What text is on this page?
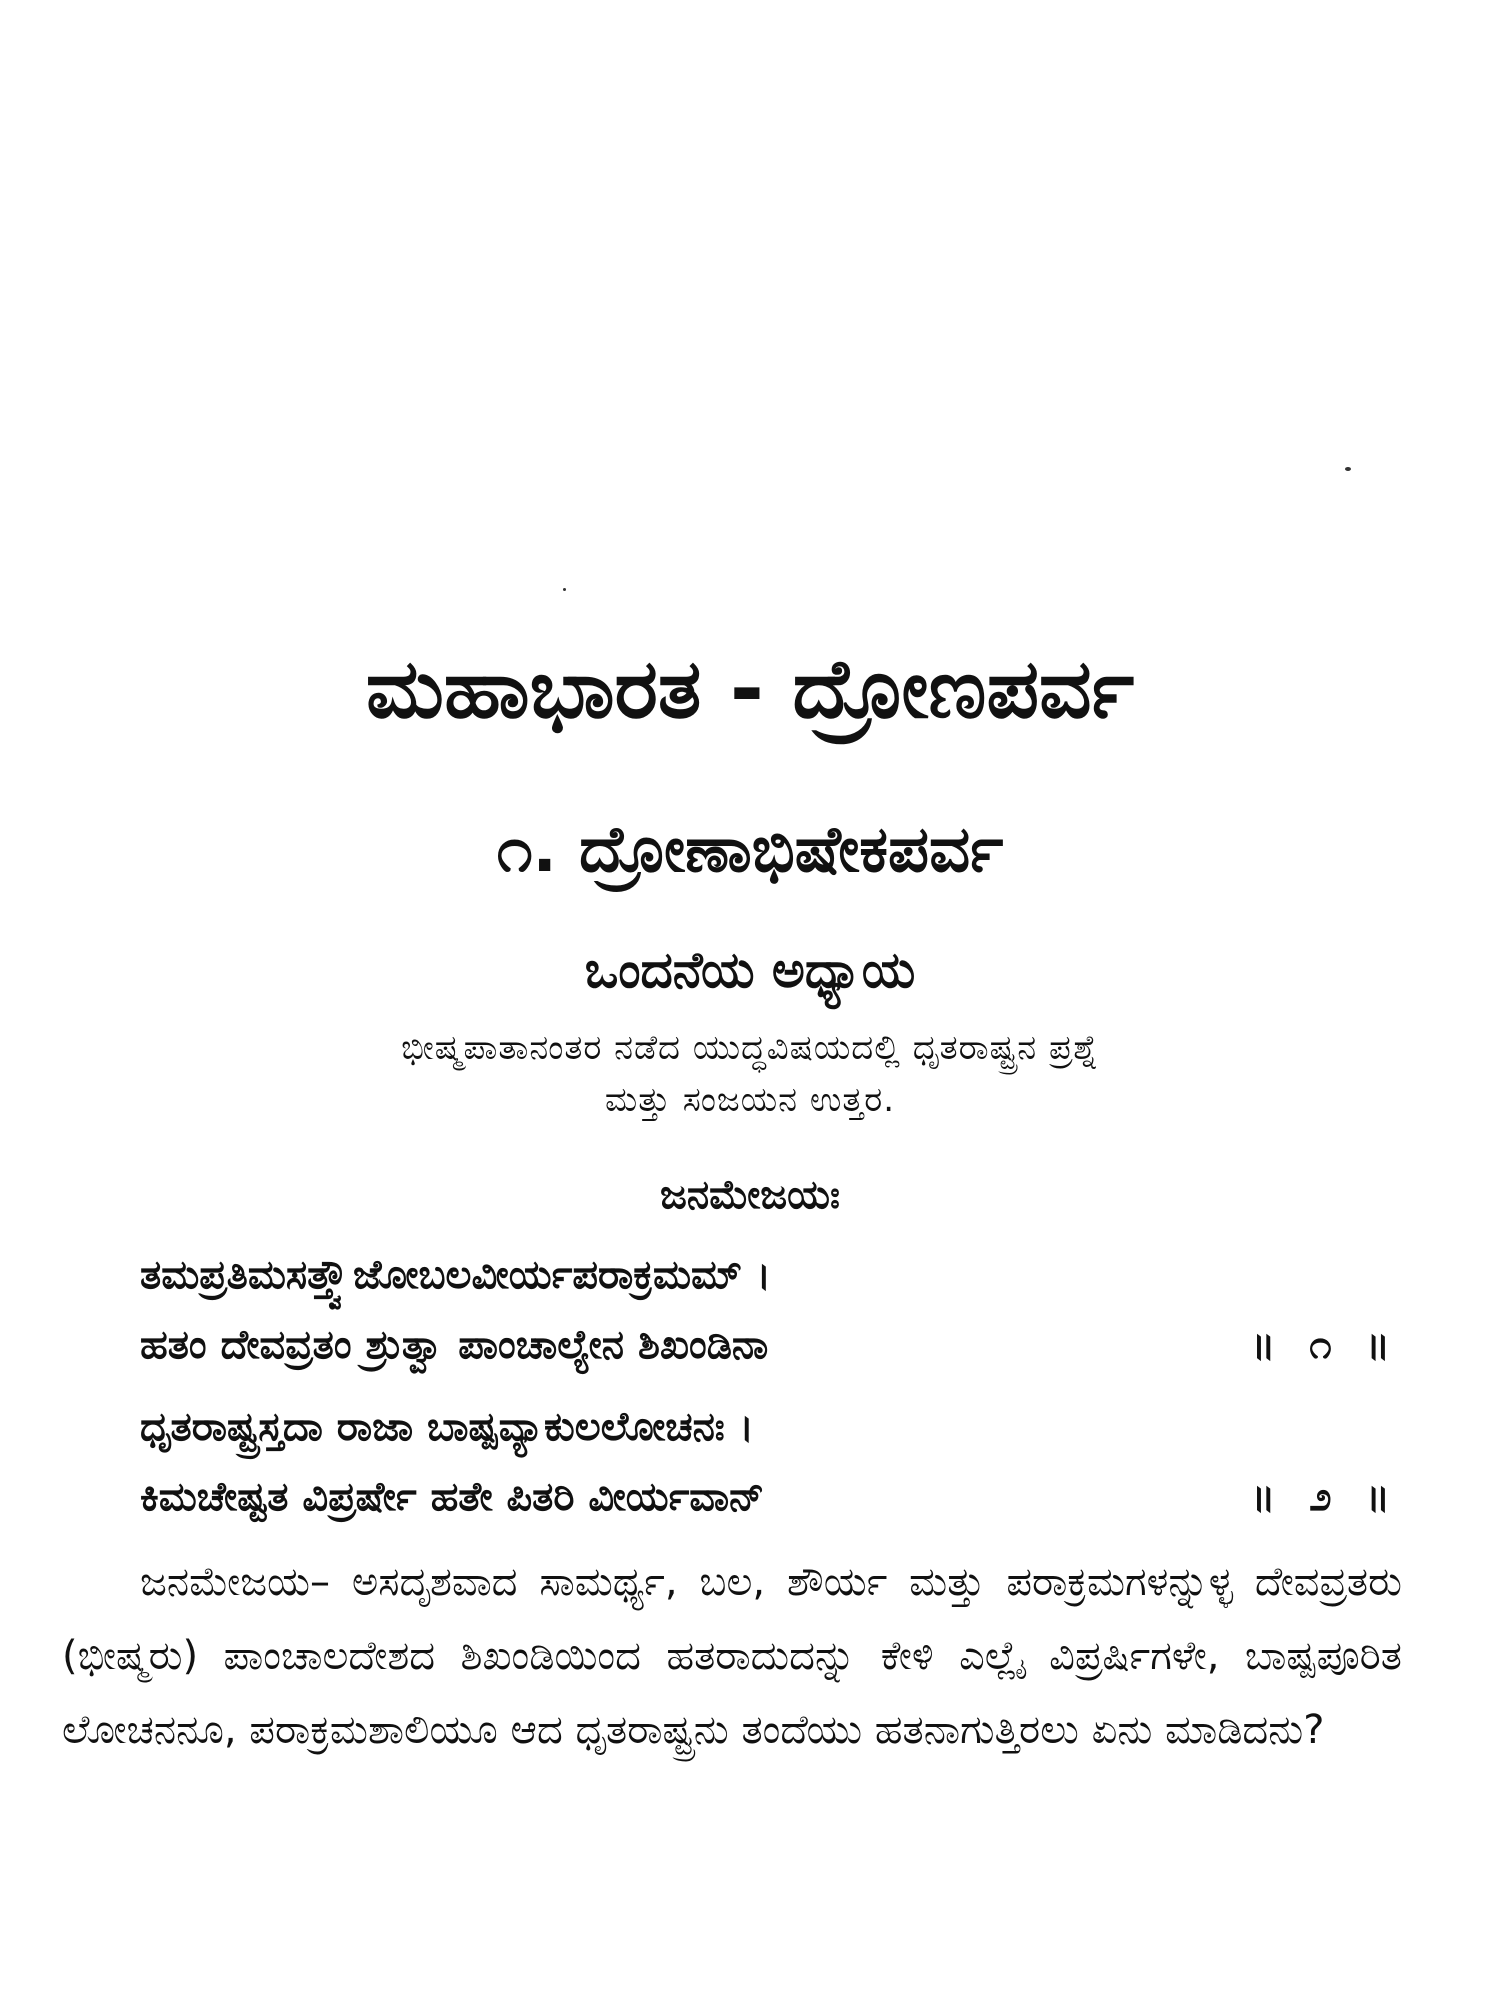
ಮಹಾಭಾರತ - ದ್ರೋಣಪರ್ವ
೧. ದ್ರೋಣಾಭಿಷೇಕಪರ್ವ
ಒಂದನೆಯ ಅಧ್ಯಾಯ
ಭೀಷ್ಮಪಾತಾನಂತರ ನಡೆದ ಯುದ್ಧವಿಷಯದಲ್ಲಿ ಧೃತರಾಷ್ಟ್ರನ ಪ್ರಶ್ನೆ
ಮತ್ತು ಸಂಜಯನ ಉತ್ತರ.
ಜನಮೇಜಯಃ
ತಮಪ್ರತಿಮಸತ್ತ್ವೌಜೋಬಲವೀರ್ಯಪರಾಕ್ರಮಮ್ ।
ಹತಂ ದೇವವ್ರತಂ ಶ್ರುತ್ವಾ ಪಾಂಚಾಲ್ಯೇನ ಶಿಖಂಡಿನಾ	॥ ೧ ॥
ಧೃತರಾಷ್ಟ್ರಸ್ತದಾ ರಾಜಾ ಬಾಷ್ಪವ್ಯಾಕುಲಲೋಚನಃ ।
ಕಿಮಚೇಷ್ಟತ ವಿಪ್ರರ್ಷೇ ಹತೇ ಪಿತರಿ ವೀರ್ಯವಾನ್	॥ ೨ ॥
ಜನಮೇಜಯ– ಅಸದೃಶವಾದ ಸಾಮರ್ಥ್ಯ, ಬಲ, ಶೌರ್ಯ ಮತ್ತು ಪರಾಕ್ರಮಗಳನ್ನುಳ್ಳ ದೇವವ್ರತರು (ಭೀಷ್ಮರು) ಪಾಂಚಾಲದೇಶದ ಶಿಖಂಡಿಯಿಂದ ಹತರಾದುದನ್ನು ಕೇಳಿ ಎಲ್ಲೈ ವಿಪ್ರರ್ಷಿಗಳೇ, ಬಾಷ್ಪಪೂರಿತ ಲೋಚನನೂ, ಪರಾಕ್ರಮಶಾಲಿಯೂ ಆದ ಧೃತರಾಷ್ಟ್ರನು ತಂದೆಯು ಹತನಾಗುತ್ತಿರಲು ಏನು ಮಾಡಿದನು?
